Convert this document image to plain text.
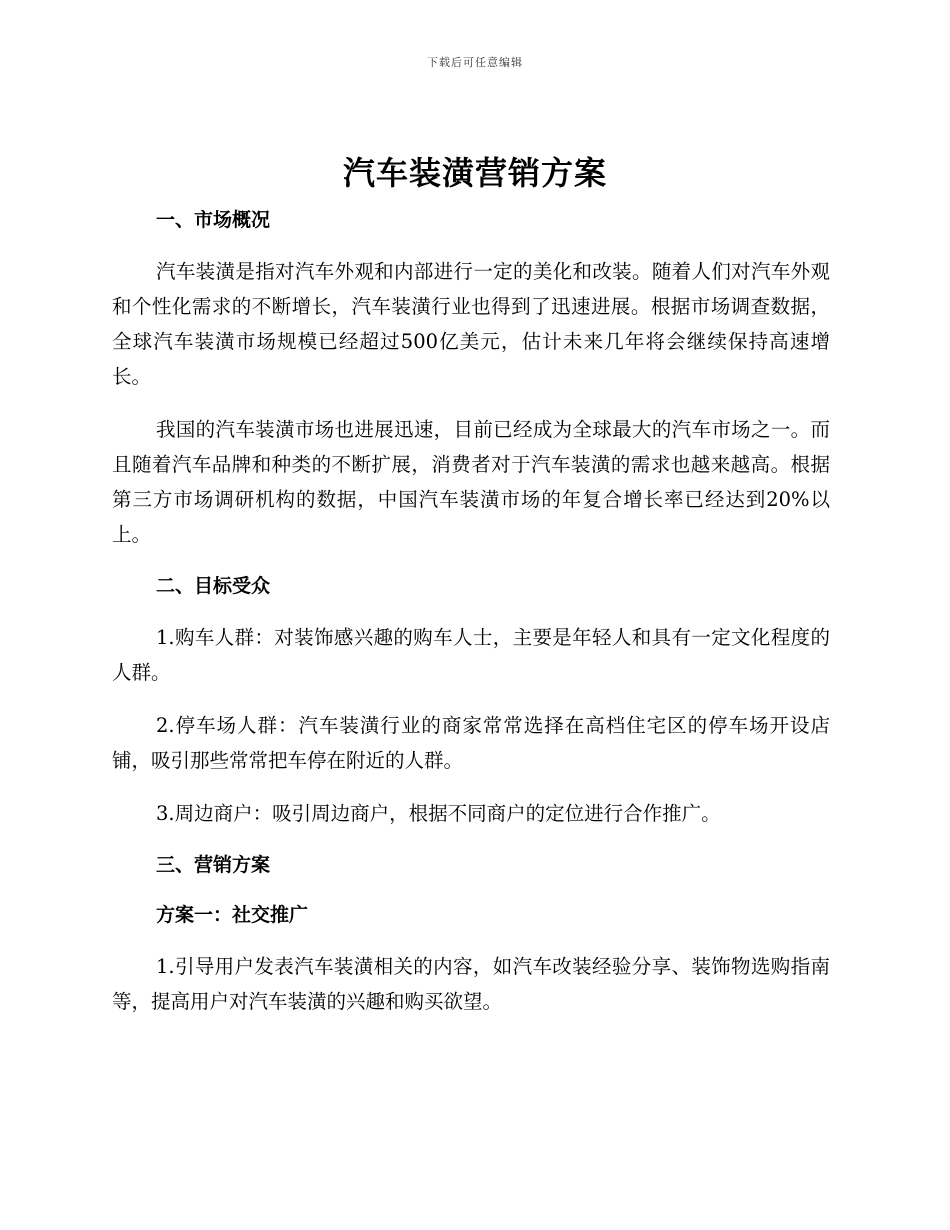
下载后可任意编辑
汽车装潢营销方案
一、市场概况

汽车装潢是指对汽车外观和内部进行一定的美化和改装。随着人们对汽车外观和个性化需求的不断增长，汽车装潢行业也得到了迅速进展。根据市场调查数据，全球汽车装潢市场规模已经超过500亿美元，估计未来几年将会继续保持高速增长。

我国的汽车装潢市场也进展迅速，目前已经成为全球最大的汽车市场之一。而且随着汽车品牌和种类的不断扩展，消费者对于汽车装潢的需求也越来越高。根据第三方市场调研机构的数据，中国汽车装潢市场的年复合增长率已经达到20%以上。

二、目标受众

1.购车人群：对装饰感兴趣的购车人士，主要是年轻人和具有一定文化程度的人群。

2.停车场人群：汽车装潢行业的商家常常选择在高档住宅区的停车场开设店铺，吸引那些常常把车停在附近的人群。

3.周边商户：吸引周边商户，根据不同商户的定位进行合作推广。

三、营销方案
方案一：社交推广

1.引导用户发表汽车装潢相关的内容，如汽车改装经验分享、装饰物选购指南等，提高用户对汽车装潢的兴趣和购买欲望。
